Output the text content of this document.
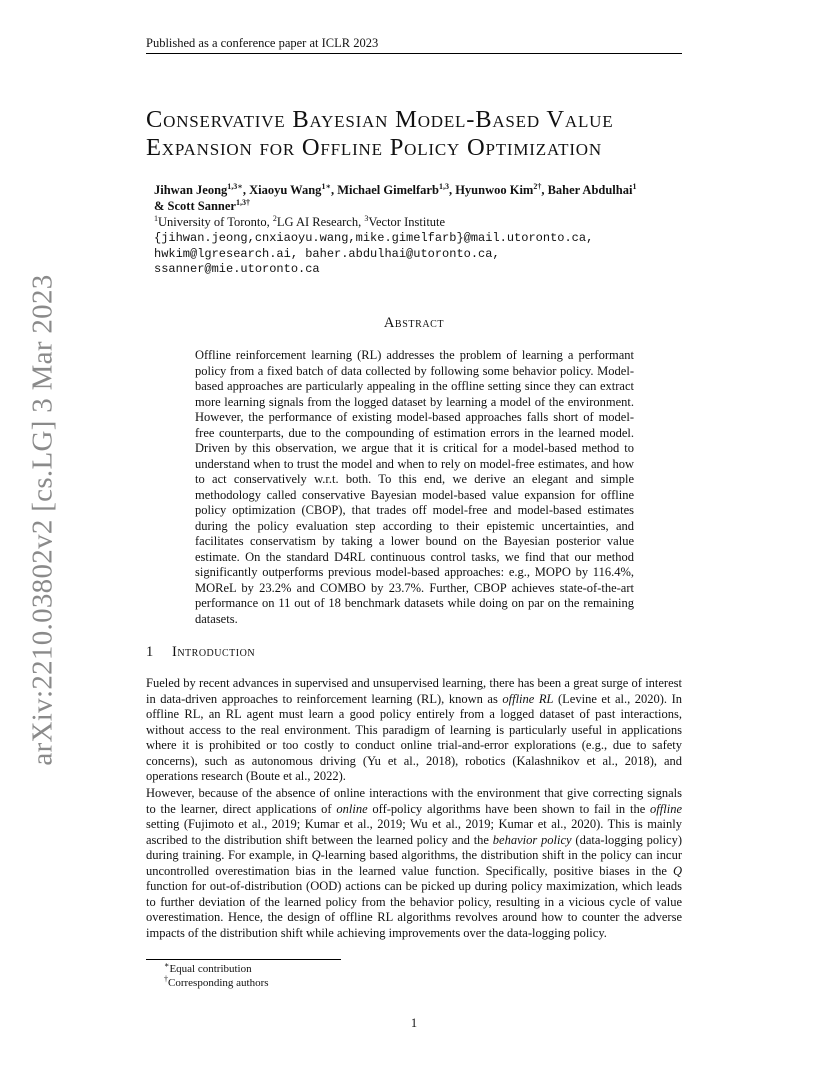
Published as a conference paper at ICLR 2023
arXiv:2210.03802v2 [cs.LG] 3 Mar 2023
Conservative Bayesian Model-Based Value
Expansion for Offline Policy Optimization
Jihwan Jeong$^{1,3∗}$, Xiaoyu Wang$^{1∗}$, Michael Gimelfarb$^{1,3}$, Hyunwoo Kim$^{2\dagger}$, Baher Abdulhai$^1$
& Scott Sanner$^{1,3\dagger}$
$^1$University of Toronto, $^2$LG AI Research, $^3$Vector Institute
{jihwan.jeong,cnxiaoyu.wang,mike.gimelfarb}@mail.utoronto.ca,
hwkim@lgresearch.ai, baher.abdulhai@utoronto.ca,
ssanner@mie.utoronto.ca
Abstract
Offline reinforcement learning (RL) addresses the problem of learning a performant policy from a fixed batch of data collected by following some behavior policy. Model-based approaches are particularly appealing in the offline setting since they can extract more learning signals from the logged dataset by learning a model of the environment. However, the performance of existing model-based approaches falls short of model-free counterparts, due to the compounding of estimation errors in the learned model. Driven by this observation, we argue that it is critical for a model-based method to understand when to trust the model and when to rely on model-free estimates, and how to act conservatively w.r.t. both. To this end, we derive an elegant and simple methodology called conservative Bayesian model-based value expansion for offline policy optimization (CBOP), that trades off model-free and model-based estimates during the policy evaluation step according to their epistemic uncertainties, and facilitates conservatism by taking a lower bound on the Bayesian posterior value estimate. On the standard D4RL continuous control tasks, we find that our method significantly outperforms previous model-based approaches: e.g., MOPO by 116.4%, MOReL by 23.2% and COMBO by 23.7%. Further, CBOP achieves state-of-the-art performance on 11 out of 18 benchmark datasets while doing on par on the remaining datasets.
1 Introduction

Fueled by recent advances in supervised and unsupervised learning, there has been a great surge of interest in data-driven approaches to reinforcement learning (RL), known as offline RL (Levine et al., 2020). In offline RL, an RL agent must learn a good policy entirely from a logged dataset of past interactions, without access to the real environment. This paradigm of learning is particularly useful in applications where it is prohibited or too costly to conduct online trial-and-error explorations (e.g., due to safety concerns), such as autonomous driving (Yu et al., 2018), robotics (Kalashnikov et al., 2018), and operations research (Boute et al., 2022).

However, because of the absence of online interactions with the environment that give correcting signals to the learner, direct applications of online off-policy algorithms have been shown to fail in the offline setting (Fujimoto et al., 2019; Kumar et al., 2019; Wu et al., 2019; Kumar et al., 2020). This is mainly ascribed to the distribution shift between the learned policy and the behavior policy (data-logging policy) during training. For example, in Q-learning based algorithms, the distribution shift in the policy can incur uncontrolled overestimation bias in the learned value function. Specifically, positive biases in the Q function for out-of-distribution (OOD) actions can be picked up during policy maximization, which leads to further deviation of the learned policy from the behavior policy, resulting in a vicious cycle of value overestimation. Hence, the design of offline RL algorithms revolves around how to counter the adverse impacts of the distribution shift while achieving improvements over the data-logging policy.

∗Equal contribution
†Corresponding authors
1
